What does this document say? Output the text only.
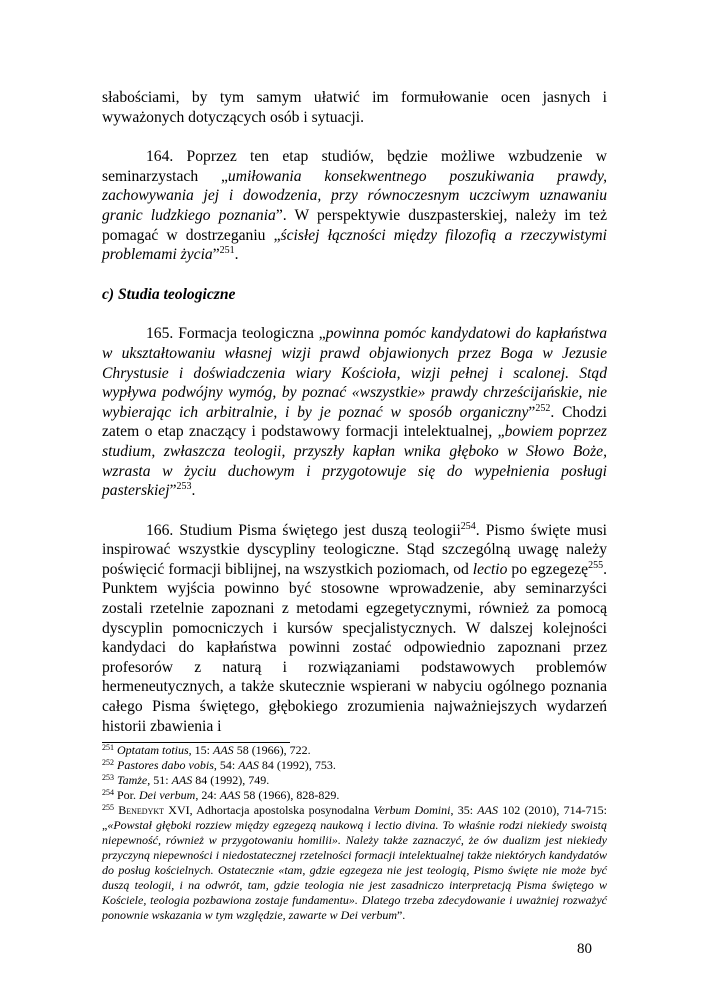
słabościami, by tym samym ułatwić im formułowanie ocen jasnych i wyważonych dotyczących osób i sytuacji.

164. Poprzez ten etap studiów, będzie możliwe wzbudzenie w seminarzystach „umiłowania konsekwentnego poszukiwania prawdy, zachowywania jej i dowodzenia, przy równoczesnym uczciwym uznawaniu granic ludzkiego poznania”. W perspektywie duszpasterskiej, należy im też pomagać w dostrzeganiu „ścisłej łączności między filozofią a rzeczywistymi problemami życia”$^{251}$.

c) Studia teologiczne

165. Formacja teologiczna „powinna pomóc kandydatowi do kapłaństwa w ukształtowaniu własnej wizji prawd objawionych przez Boga w Jezusie Chrystusie i doświadczenia wiary Kościoła, wizji pełnej i scalonej. Stąd wypływa podwójny wymóg, by poznać «wszystkie» prawdy chrześcijańskie, nie wybierając ich arbitralnie, i by je poznać w sposób organiczny”$^{252}$. Chodzi zatem o etap znaczący i podstawowy formacji intelektualnej, „bowiem poprzez studium, zwłaszcza teologii, przyszły kapłan wnika głęboko w Słowo Boże, wzrasta w życiu duchowym i przygotowuje się do wypełnienia posługi pasterskiej”$^{253}$.

166. Studium Pisma świętego jest duszą teologii$^{254}$. Pismo święte musi inspirować wszystkie dyscypliny teologiczne. Stąd szczególną uwagę należy poświęcić formacji biblijnej, na wszystkich poziomach, od lectio po egzegezę$^{255}$. Punktem wyjścia powinno być stosowne wprowadzenie, aby seminarzyści zostali rzetelnie zapoznani z metodami egzegetycznymi, również za pomocą dyscyplin pomocniczych i kursów specjalistycznych. W dalszej kolejności kandydaci do kapłaństwa powinni zostać odpowiednio zapoznani przez profesorów z naturą i rozwiązaniami podstawowych problemów hermeneutycznych, a także skutecznie wspierani w nabyciu ogólnego poznania całego Pisma świętego, głębokiego zrozumienia najważniejszych wydarzeń historii zbawienia i

$^{251}$ Optatam totius, 15: AAS 58 (1966), 722.

$^{252}$ Pastores dabo vobis, 54: AAS 84 (1992), 753.

$^{253}$ Tamże, 51: AAS 84 (1992), 749.

$^{254}$ Por. Dei verbum, 24: AAS 58 (1966), 828-829.

$^{255}$ Benedykt XVI, Adhortacja apostolska posynodalna Verbum Domini, 35: AAS 102 (2010), 714-715: „«Powstał głęboki rozziew między egzegezą naukową i lectio divina. To właśnie rodzi niekiedy swoistą niepewność, również w przygotowaniu homilii». Należy także zaznaczyć, że ów dualizm jest niekiedy przyczyną niepewności i niedostatecznej rzetelności formacji intelektualnej także niektórych kandydatów do posług kościelnych. Ostatecznie «tam, gdzie egzegeza nie jest teologią, Pismo święte nie może być duszą teologii, i na odwrót, tam, gdzie teologia nie jest zasadniczo interpretacją Pisma świętego w Kościele, teologia pozbawiona zostaje fundamentu». Dlatego trzeba zdecydowanie i uważniej rozważyć ponownie wskazania w tym względzie, zawarte w Dei verbum”.

80
